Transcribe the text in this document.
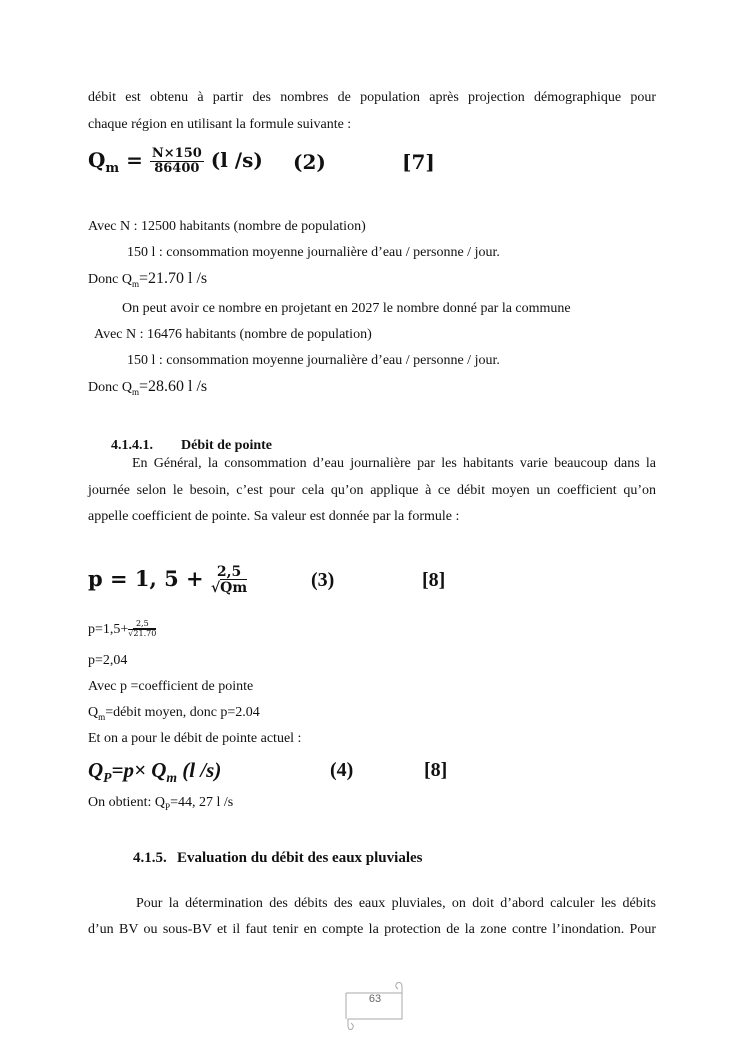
débit est obtenu à partir des nombres de population après projection démographique pour
chaque région en utilisant la formule suivante :
$Q_m = \frac{N\times 150}{86400} (l$ /s) (2)	[7]
Avec N : 12500 habitants (nombre de population)
150 l : consommation moyenne journalière d’eau / personne / jour.
Donc $Q_m=21.70$ l /s
On peut avoir ce nombre en projetant en 2027 le nombre donné par la commune
Avec N : 16476 habitants (nombre de population)
150 l : consommation moyenne journalière d’eau / personne / jour.
Donc $Q_m=28.60$ l /s
4.1.4.1. Débit de pointe
En Général, la consommation d’eau journalière par les habitants varie beaucoup dans la
journée selon le besoin, c’est pour cela qu’on applique à ce débit moyen un coefficient qu’on
appelle coefficient de pointe. Sa valeur est donnée par la formule :
p = 1, 5 + 2,5
√Qm	(3)	[8]
$p=1,5+ \frac{2,5}{√21.70}$
p=2,04
Avec p =coefficient de pointe
$Q_m=débit$ moyen, donc p=2.04
Et on a pour le débit de pointe actuel :
$Q_P=p\times Q_m$ (l /s)	(4)	[8]
On obtient: $Q_P=44$, 27 l /s
4.1.5. Evaluation du débit des eaux pluviales
Pour la détermination des débits des eaux pluviales, on doit d’abord calculer les débits
d’un BV ou sous-BV et il faut tenir en compte la protection de la zone contre l’inondation. Pour
63
